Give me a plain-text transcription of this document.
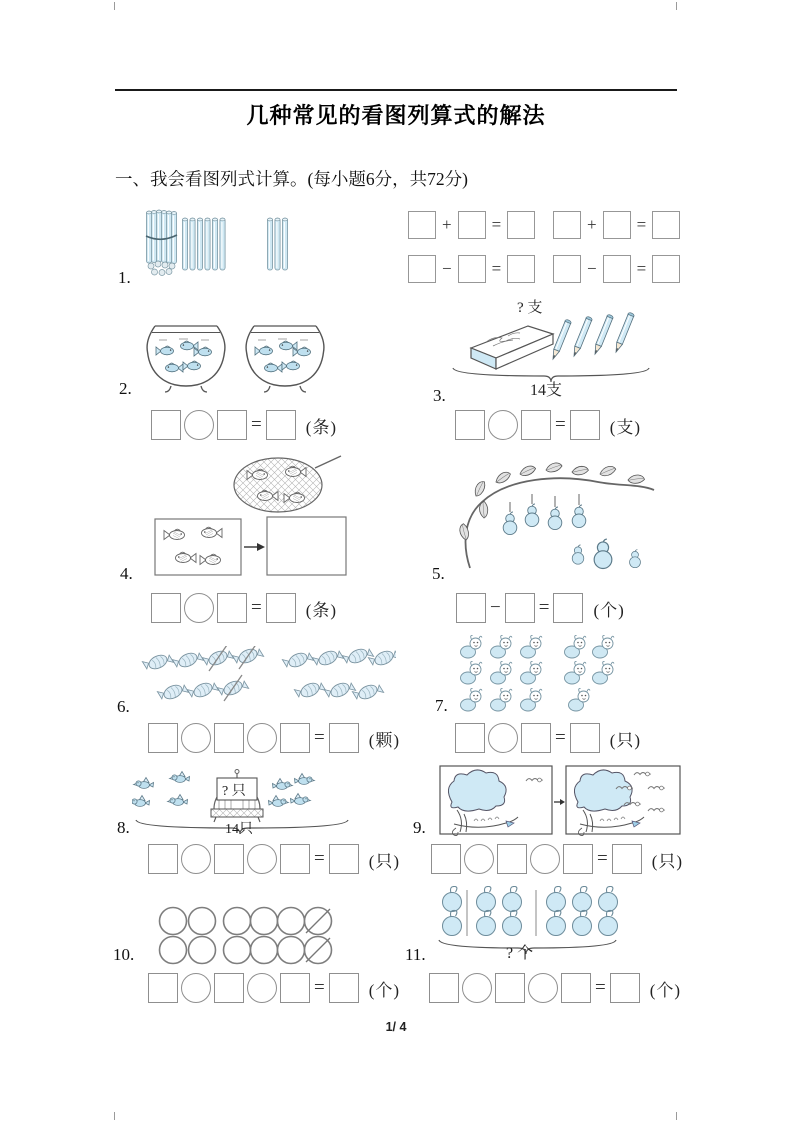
几种常见的看图列算式的解法
一、我会看图列式计算。(每小题6分，共72分)
1.
+ =	+ =
− =	− =
2.
=	(条)
3.
? 支
14支
=	(支)
4.
=	(条)
5.
− =	(个)
6.
=	(颗)
7.
=	(只)
8.
? 只
14只
=	(只)
9.
=	(只)
10.
=	(个)
11.	? 个
=	(个)
1/ 4
